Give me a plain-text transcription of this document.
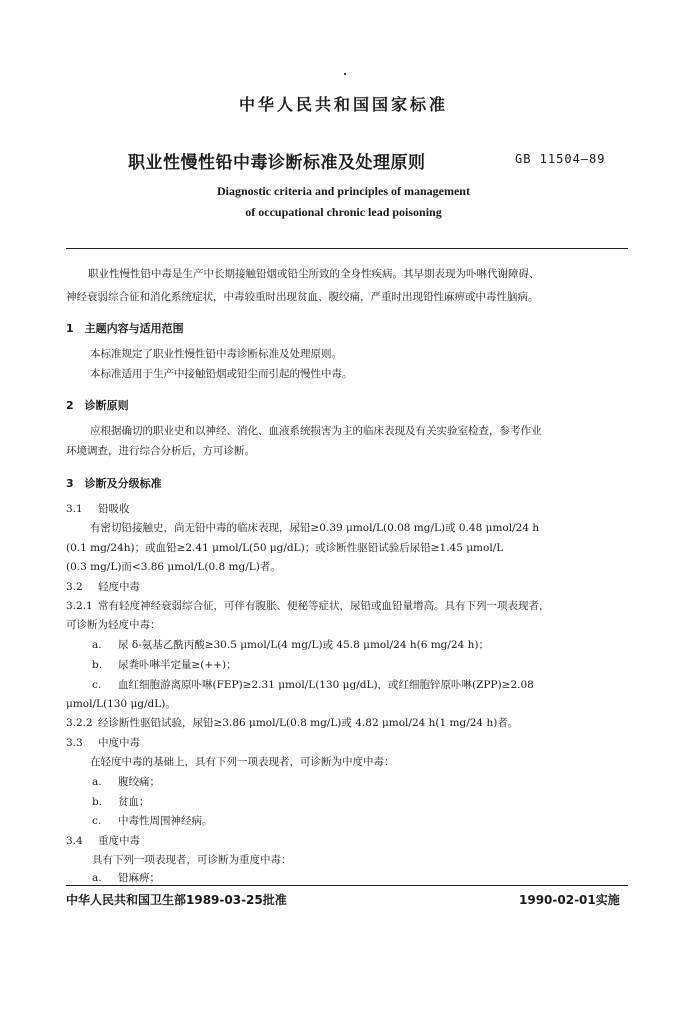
中华人民共和国国家标准
职业性慢性铅中毒诊断标准及处理原则	GB 11504—89
Diagnostic criteria and principles of management
of occupational chronic lead poisoning
职业性慢性铅中毒是生产中长期接触铅烟或铅尘所致的全身性疾病。其早期表现为卟啉代谢障碍、
神经衰弱综合征和消化系统症状，中毒较重时出现贫血、腹绞痛，严重时出现铅性麻痹或中毒性脑病。
1　主题内容与适用范围
本标准规定了职业性慢性铅中毒诊断标准及处理原则。
本标准适用于生产中接触铅烟或铅尘而引起的慢性中毒。
2　诊断原则
应根据确切的职业史和以神经、消化、血液系统损害为主的临床表现及有关实验室检查，参考作业
环境调查，进行综合分析后，方可诊断。
3　诊断及分级标准
3.1 铅吸收
有密切铅接触史，尚无铅中毒的临床表现，尿铅≥0.39 μmol/L(0.08 mg/L)或 0.48 μmol/24 h
(0.1 mg/24h)；或血铅≥2.41 μmol/L(50 μg/dL)；或诊断性驱铅试验后尿铅≥1.45 μmol/L
(0.3 mg/L)而<3.86 μmol/L(0.8 mg/L)者。
3.2 轻度中毒
3.2.1 常有轻度神经衰弱综合征，可伴有腹胀、便秘等症状，尿铅或血铅量增高。具有下列一项表现者，
可诊断为轻度中毒：
a. 尿 δ-氨基乙酰丙酸≥30.5 μmol/L(4 mg/L)或 45.8 μmol/24 h(6 mg/24 h)；
b. 尿粪卟啉半定量≥(++)；
c. 血红细胞游离原卟啉(FEP)≥2.31 μmol/L(130 μg/dL)，或红细胞锌原卟啉(ZPP)≥2.08
μmol/L(130 μg/dL)。
3.2.2 经诊断性驱铅试验，尿铅≥3.86 μmol/L(0.8 mg/L)或 4.82 μmol/24 h(1 mg/24 h)者。
3.3 中度中毒
在轻度中毒的基础上，具有下列一项表现者，可诊断为中度中毒：
a. 腹绞痛；
b. 贫血；
c. 中毒性周围神经病。
3.4 重度中毒
具有下列一项表现者，可诊断为重度中毒：
a. 铅麻痹；
中华人民共和国卫生部1989-03-25批准	1990-02-01实施
